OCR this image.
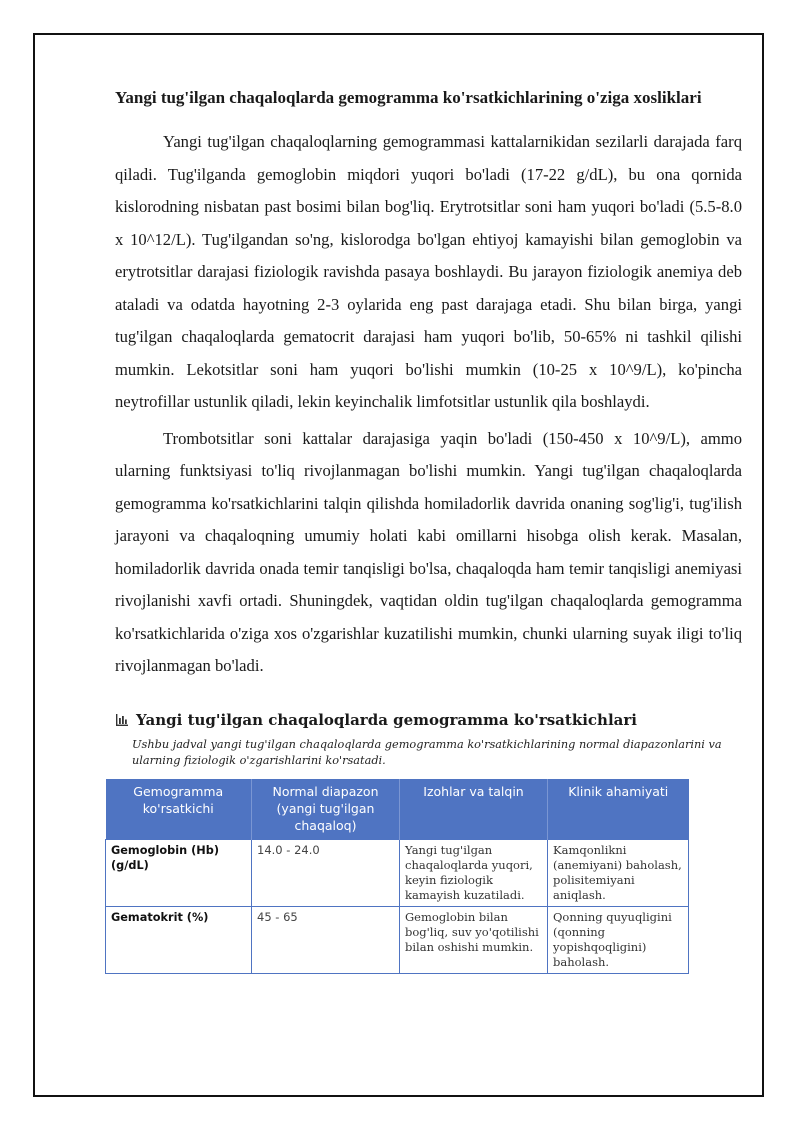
Yangi tug'ilgan chaqaloqlarda gemogramma ko'rsatkichlarining o'ziga xosliklari

Yangi tug'ilgan chaqaloqlarning gemogrammasi kattalarnikidan sezilarli darajada farq qiladi. Tug'ilganda gemoglobin miqdori yuqori bo'ladi (17-22 g/dL), bu ona qornida kislorodning nisbatan past bosimi bilan bog'liq. Erytrotsitlar soni ham yuqori bo'ladi (5.5-8.0 x 10^12/L). Tug'ilgandan so'ng, kislorodga bo'lgan ehtiyoj kamayishi bilan gemoglobin va erytrotsitlar darajasi fiziologik ravishda pasaya boshlaydi. Bu jarayon fiziologik anemiya deb ataladi va odatda hayotning 2-3 oylarida eng past darajaga etadi. Shu bilan birga, yangi tug'ilgan chaqaloqlarda gematocrit darajasi ham yuqori bo'lib, 50-65% ni tashkil qilishi mumkin. Lekotsitlar soni ham yuqori bo'lishi mumkin (10-25 x 10^9/L), ko'pincha neytrofillar ustunlik qiladi, lekin keyinchalik limfotsitlar ustunlik qila boshlaydi.

Trombotsitlar soni kattalar darajasiga yaqin bo'ladi (150-450 x 10^9/L), ammo ularning funktsiyasi to'liq rivojlanmagan bo'lishi mumkin. Yangi tug'ilgan chaqaloqlarda gemogramma ko'rsatkichlarini talqin qilishda homiladorlik davrida onaning sog'lig'i, tug'ilish jarayoni va chaqaloqning umumiy holati kabi omillarni hisobga olish kerak. Masalan, homiladorlik davrida onada temir tanqisligi bo'lsa, chaqaloqda ham temir tanqisligi anemiyasi rivojlanishi xavfi ortadi. Shuningdek, vaqtidan oldin tug'ilgan chaqaloqlarda gemogramma ko'rsatkichlarida o'ziga xos o'zgarishlar kuzatilishi mumkin, chunki ularning suyak iligi to'liq rivojlanmagan bo'ladi.

Yangi tug'ilgan chaqaloqlarda gemogramma ko'rsatkichlari
Ushbu jadval yangi tug'ilgan chaqaloqlarda gemogramma ko'rsatkichlarining normal diapazonlarini va ularning fiziologik o'zgarishlarini ko'rsatadi.
Gemogramma ko'rsatkichi	Normal diapazon (yangi tug'ilgan chaqaloq)	Izohlar va talqin	Klinik ahamiyati
Gemoglobin (Hb) (g/dL)	14.0 - 24.0	Yangi tug'ilgan chaqaloqlarda yuqori, keyin fiziologik kamayish kuzatiladi.	Kamqonlikni (anemiyani) baholash, polisitemiyani aniqlash.
Gematokrit (%)	45 - 65	Gemoglobin bilan bog'liq, suv yo'qotilishi bilan oshishi mumkin.	Qonning quyuqligini (qonning yopishqoqligini) baholash.
